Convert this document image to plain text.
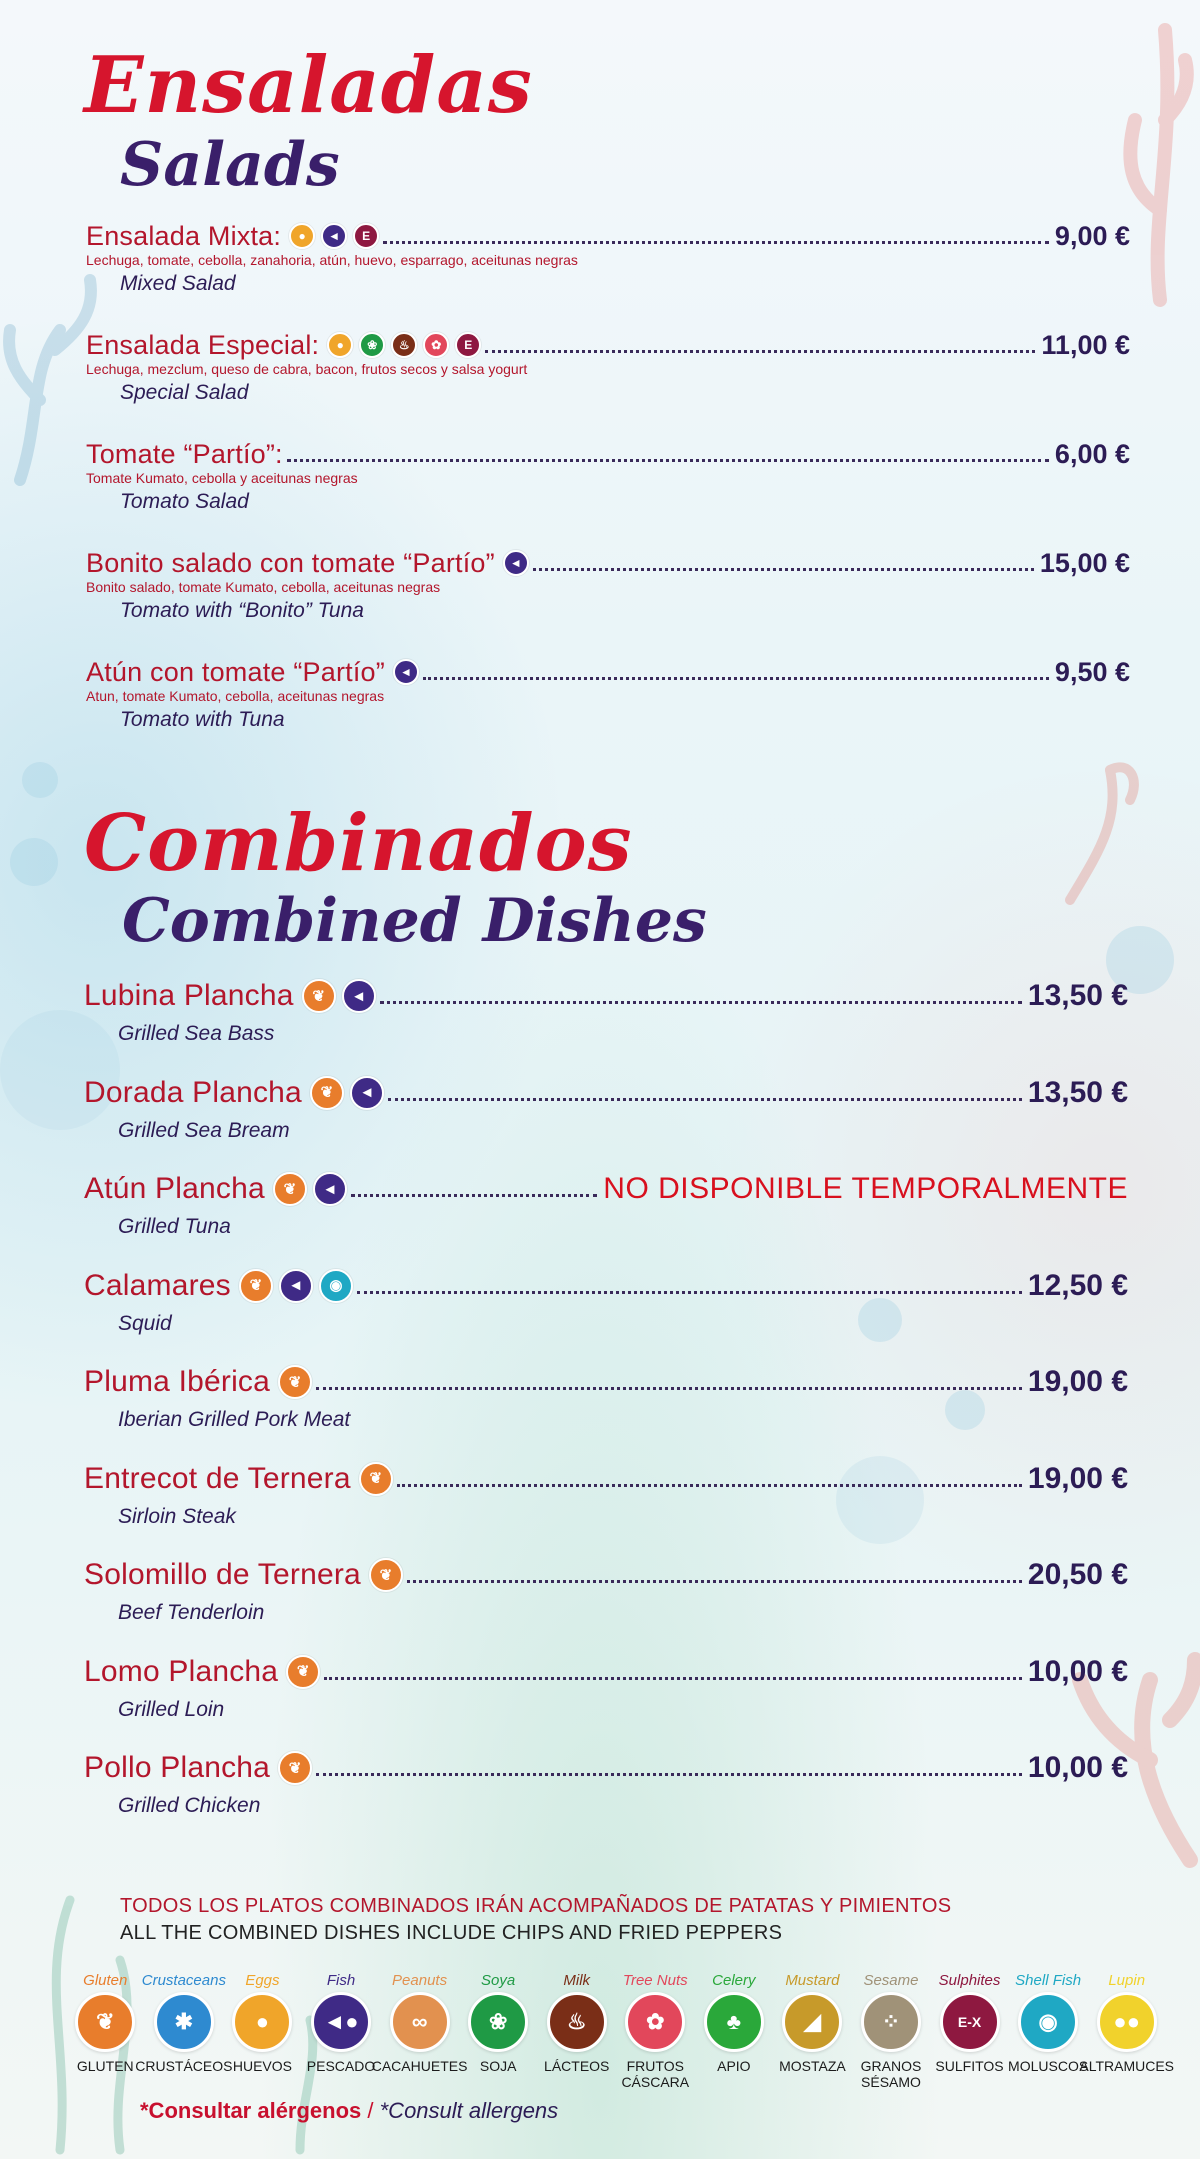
Ensaladas
Salads
Ensalada Mixta: ● ◄ E	9,00 €
Lechuga, tomate, cebolla, zanahoria, atún, huevo, esparrago, aceitunas negras
Mixed Salad
Ensalada Especial: ● ❀ ♨ ✿ E	11,00 €
Lechuga, mezclum, queso de cabra, bacon, frutos secos y salsa yogurt
Special Salad
Tomate “Partío”:	6,00 €
Tomate Kumato, cebolla y aceitunas negras
Tomato Salad
Bonito salado con tomate “Partío” ◄	15,00 €
Bonito salado, tomate Kumato, cebolla, aceitunas negras
Tomato with “Bonito” Tuna
Atún con tomate “Partío” ◄	9,50 €
Atun, tomate Kumato, cebolla, aceitunas negras
Tomato with Tuna
Combinados
Combined Dishes
Lubina Plancha ❦ ◄	13,50 €
Grilled Sea Bass
Dorada Plancha ❦ ◄	13,50 €
Grilled Sea Bream
Atún Plancha ❦ ◄	NO DISPONIBLE TEMPORALMENTE
Grilled Tuna
Calamares ❦ ◄ ◉	12,50 €
Squid
Pluma Ibérica ❦	19,00 €
Iberian Grilled Pork Meat
Entrecot de Ternera ❦	19,00 €
Sirloin Steak
Solomillo de Ternera ❦	20,50 €
Beef Tenderloin
Lomo Plancha ❦	10,00 €
Grilled Loin
Pollo Plancha ❦	10,00 €
Grilled Chicken
TODOS LOS PLATOS COMBINADOS IRÁN ACOMPAÑADOS DE PATATAS Y PIMIENTOS
ALL THE COMBINED DISHES INCLUDE CHIPS AND FRIED PEPPERS
Gluten
❦
GLUTEN
Crustaceans
✱
CRUSTÁCEOS
Eggs
●
HUEVOS
Fish
◄●
PESCADO
Peanuts
∞
CACAHUETES
Soya
❀
SOJA
Milk
♨
LÁCTEOS
Tree Nuts
✿
FRUTOS
CÁSCARA
Celery
♣
APIO
Mustard
◢
MOSTAZA
Sesame
⁘
GRANOS
SÉSAMO
Sulphites
E-X
SULFITOS
Shell Fish
◉
MOLUSCOS
Lupin
●●
ALTRAMUCES
*Consultar alérgenos / *Consult allergens
